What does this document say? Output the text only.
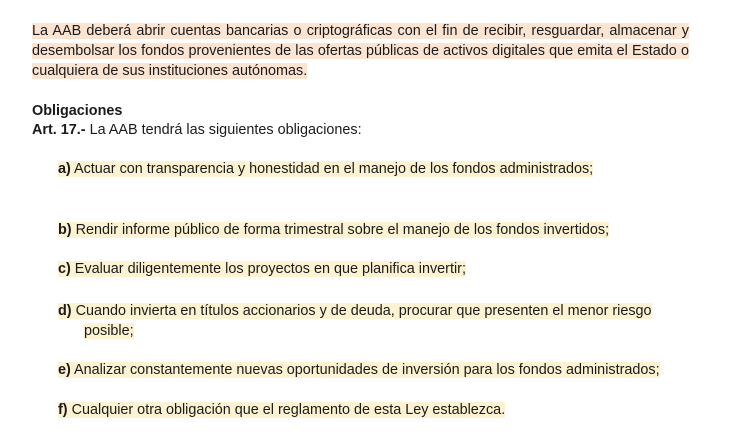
La AAB deberá abrir cuentas bancarias o criptográficas con el fin de recibir, resguardar, almacenar y desembolsar los fondos provenientes de las ofertas públicas de activos digitales que emita el Estado o cualquiera de sus instituciones autónomas.

Obligaciones

Art. 17.- La AAB tendrá las siguientes obligaciones:

a) Actuar con transparencia y honestidad en el manejo de los fondos administrados;

b) Rendir informe público de forma trimestral sobre el manejo de los fondos invertidos;

c) Evaluar diligentemente los proyectos en que planifica invertir;

d) Cuando invierta en títulos accionarios y de deuda, procurar que presenten el menor riesgo
posible;

e) Analizar constantemente nuevas oportunidades de inversión para los fondos administrados;

f) Cualquier otra obligación que el reglamento de esta Ley establezca.
